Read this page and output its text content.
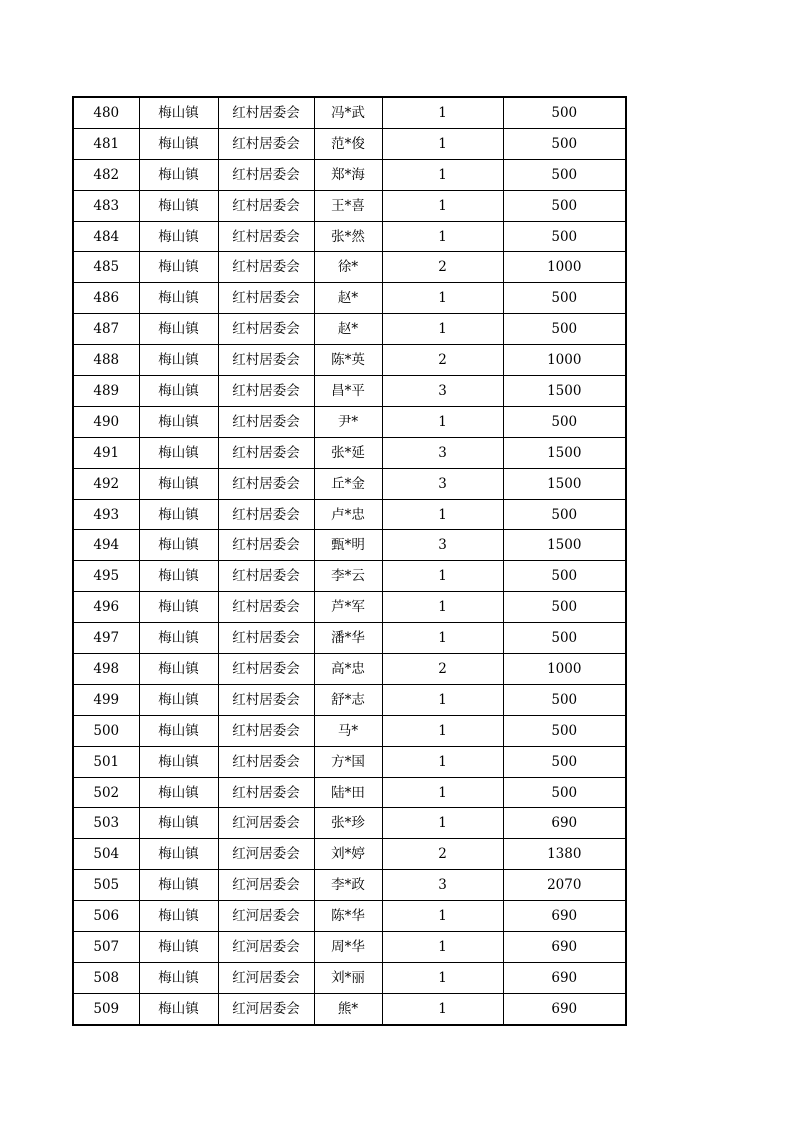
480	梅山镇	红村居委会	冯*武	1	500
481	梅山镇	红村居委会	范*俊	1	500
482	梅山镇	红村居委会	郑*海	1	500
483	梅山镇	红村居委会	王*喜	1	500
484	梅山镇	红村居委会	张*然	1	500
485	梅山镇	红村居委会	徐*	2	1000
486	梅山镇	红村居委会	赵*	1	500
487	梅山镇	红村居委会	赵*	1	500
488	梅山镇	红村居委会	陈*英	2	1000
489	梅山镇	红村居委会	昌*平	3	1500
490	梅山镇	红村居委会	尹*	1	500
491	梅山镇	红村居委会	张*延	3	1500
492	梅山镇	红村居委会	丘*金	3	1500
493	梅山镇	红村居委会	卢*忠	1	500
494	梅山镇	红村居委会	甄*明	3	1500
495	梅山镇	红村居委会	李*云	1	500
496	梅山镇	红村居委会	芦*军	1	500
497	梅山镇	红村居委会	潘*华	1	500
498	梅山镇	红村居委会	高*忠	2	1000
499	梅山镇	红村居委会	舒*志	1	500
500	梅山镇	红村居委会	马*	1	500
501	梅山镇	红村居委会	方*国	1	500
502	梅山镇	红村居委会	陆*田	1	500
503	梅山镇	红河居委会	张*珍	1	690
504	梅山镇	红河居委会	刘*婷	2	1380
505	梅山镇	红河居委会	李*政	3	2070
506	梅山镇	红河居委会	陈*华	1	690
507	梅山镇	红河居委会	周*华	1	690
508	梅山镇	红河居委会	刘*丽	1	690
509	梅山镇	红河居委会	熊*	1	690
